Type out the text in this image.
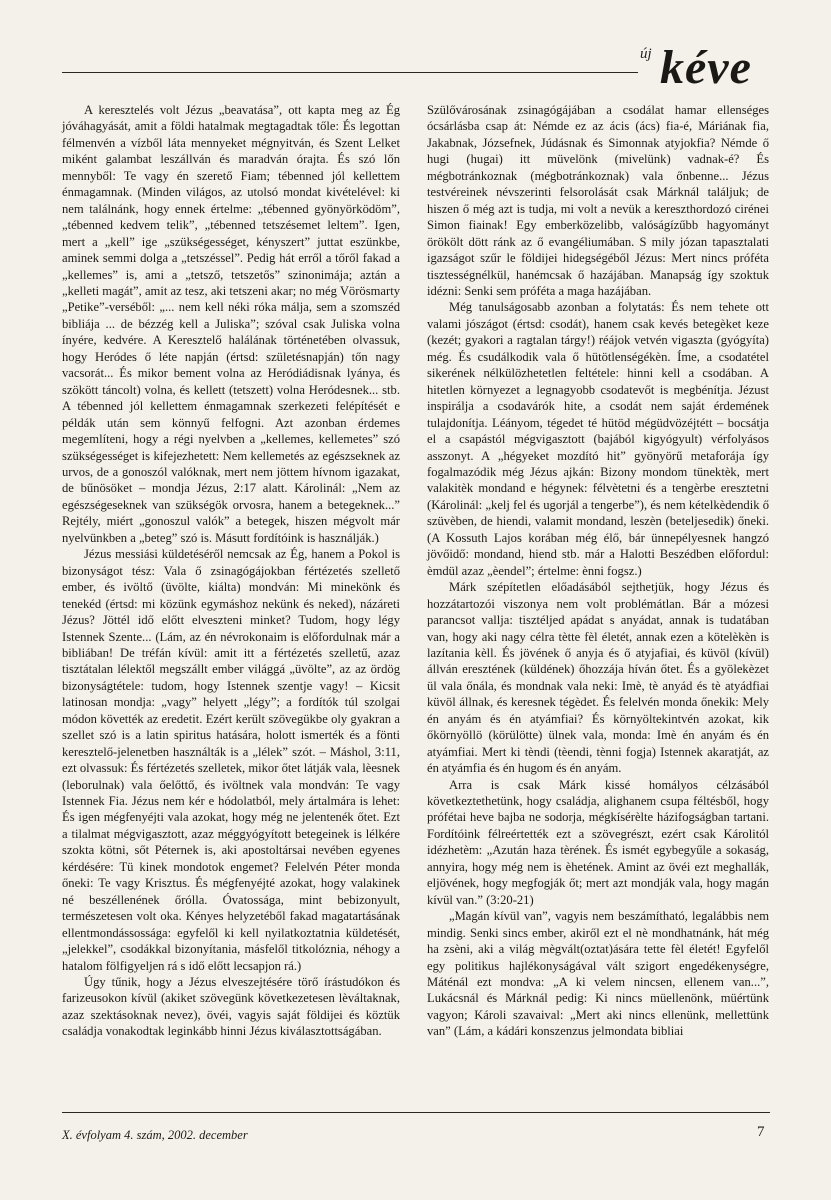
új kéve

A keresztelés volt Jézus „beavatása”, ott kapta meg az Ég jóváhagyását, amit a földi hatalmak megtagadtak tőle: És legottan félmenvén a vízből láta mennyeket mégnyitván, és Szent Lelket miként galambat leszállván és maradván órajta. És szó lőn mennyből: Te vagy én szerető Fiam; tébenned jól kellettem énmagamnak. (Minden világos, az utolsó mondat kivételével: ki nem találnánk, hogy ennek értelme: „tébenned gyönyörködöm”, „tébenned kedvem telik”, „tébenned tetszésemet leltem”. Igen, mert a „kell” ige „szükségességet, kényszert” juttat eszünkbe, aminek semmi dolga a „tetszéssel”. Pedig hát erről a tőről fakad a „kellemes” is, ami a „tetsző, tetszetős” szinonimája; aztán a „kelleti magát”, amit az tesz, aki tetszeni akar; no még Vörösmarty „Petike”-verséből: „... nem kell néki róka málja, sem a szomszéd bibliája ... de bézzég kell a Juliska”; szóval csak Juliska volna ínyére, kedvére. A Keresztelő halálának történetében olvassuk, hogy Heródes ő léte napján (értsd: születésnapján) tőn nagy vacsorát... És mikor bement volna az Heródiádisnak lyánya, és szökött táncolt) volna, és kellett (tetszett) volna Heródesnek... stb. A tébenned jól kellettem énmagamnak szerkezeti felépítését e példák után sem könnyű felfogni. Azt azonban érdemes megemlíteni, hogy a régi nyelvben a „kellemes, kellemetes” szó szükségességet is kifejezhetett: Nem kellemetés az egészseknek az urvos, de a gonoszól valóknak, mert nem jöttem hívnom igazakat, de bűnösöket – mondja Jézus, 2:17 alatt. Károlinál: „Nem az egészségeseknek van szükségök orvosra, hanem a betegeknek...” Rejtély, miért „gonoszul valók” a betegek, hiszen mégvolt már nyelvünkben a „beteg” szó is. Másutt fordítóink is használják.)

Jézus messiási küldetéséről nemcsak az Ég, hanem a Pokol is bizonyságot tész: Vala ő zsinagógájokban fértézetés szellető ember, és ivöltő (üvölte, kiálta) mondván: Mi minekönk és tenekéd (értsd: mi közünk egymáshoz nekünk és neked), názáreti Jézus? Jöttél idő előtt elveszteni minket? Tudom, hogy légy Istennek Szente... (Lám, az én névrokonaim is előfordulnak már a bibliában! De tréfán kívül: amit itt a fértézetés szelletű, azaz tisztátalan lélektől megszállt ember világgá „üvölte”, az az ördög bizonyságtétele: tudom, hogy Istennek szentje vagy! – Kicsit latinosan mondja: „vagy” helyett „légy”; a fordítók túl szolgai módon követték az eredetit. Ezért került szövegükbe oly gyakran a szellet szó is a latin spiritus hatására, holott ismerték és a fönti keresztelő-jelenetben használták is a „lélek” szót. – Máshol, 3:11, ezt olvassuk: És fértézetés szelletek, mikor őtet látják vala, lèesnek (leborulnak) vala őelőttő, és ivöltnek vala mondván: Te vagy Istennek Fia. Jézus nem kér e hódolatból, mely ártalmára is lehet: És igen mégfenyéjti vala azokat, hogy még ne jelentenék őtet. Ezt a tilalmat mégvigasztott, azaz méggyógyított betegeinek is lélkére szokta kötni, sőt Péternek is, aki apostoltársai nevében egyenes kérdésére: Tü kinek mondotok engemet? Felelvén Péter monda őneki: Te vagy Krisztus. És mégfenyéjté azokat, hogy valakinek né beszéllenének őrólla. Óvatossága, mint bebizonyult, természetesen volt oka. Kényes helyzetéből fakad magatartásának ellentmondássossága: egyfelől ki kell nyilatkoztatnia küldetését, „jelekkel”, csodákkal bizonyítania, másfelől titkolóznia, néhogy a hatalom fölfigyeljen rá s idő előtt lecsapjon rá.)

Úgy tűnik, hogy a Jézus elveszejtésére törő írástudókon és farizeusokon kívül (akiket szövegünk következetesen lèváltaknak, azaz szektásoknak nevez), övéi, vagyis saját földijei és köztük családja vonakodtak leginkább hinni Jézus kiválasztottságában.

Szülővárosának zsinagógájában a csodálat hamar ellenséges ócsárlásba csap át: Némde ez az ácis (ács) fia-é, Máriának fia, Jakabnak, Józsefnek, Júdásnak és Simonnak atyjokfia? Némde ő hugi (hugai) itt müvelönk (mivelünk) vadnak-é? És mégbotránkoznak (mégbotránkoznak) vala őnbenne... Jézus testvéreinek névszerinti felsorolását csak Márknál találjuk; de hiszen ő még azt is tudja, mi volt a nevük a kereszthordozó cirénei Simon fiainak! Egy emberközelibb, valóságízűbb hagyományt örökölt dött ránk az ő evangéliumában. S mily józan tapasztalati igazságot szűr le földijei hidegségéből Jézus: Mert nincs próféta tisztességnélkül, hanémcsak ő hazájában. Manapság így szoktuk idézni: Senki sem próféta a maga hazájában.

Még tanulságosabb azonban a folytatás: És nem tehete ott valami jószágot (értsd: csodát), hanem csak kevés betegèket keze (kezét; gyakori a ragtalan tárgy!) réájok vetvén vigaszta (gyógyíta) még. És csudálkodik vala ő hütötlenségékèn. Íme, a csodatétel sikerének nélkülözhetetlen feltétele: hinni kell a csodában. A hitetlen környezet a legnagyobb csodatevőt is megbénítja. Jézust inspirálja a csodavárók hite, a csodát nem saját érdemének tulajdonítja. Léányom, tégedet té hütöd mégüdvözéjtétt – bocsátja el a csapástól mégvigasztott (bajából kigyógyult) vérfolyásos asszonyt. A „hégyeket mozdító hit” gyönyörű metaforája így fogalmazódik még Jézus ajkán: Bizony mondom tünektèk, mert valakitèk mondand e hégynek: félvètetni és a tengèrbe eresztetni (Károlinál: „kelj fel és ugorjál a tengerbe”), és nem kételkèdendik ő szüvèben, de hiendi, valamit mondand, leszèn (beteljesedik) őneki. (A Kossuth Lajos korában még élő, bár ünnepélyesnek hangzó jövőidő: mondand, hiend stb. már a Halotti Beszédben előfordul: èmdül azaz „èendel”; értelme: ènni fogsz.)

Márk szépítetlen előadásából sejthetjük, hogy Jézus és hozzátartozói viszonya nem volt problémátlan. Bár a mózesi parancsot vallja: tisztéljed apádat s anyádat, annak is tudatában van, hogy aki nagy célra tètte fèl életét, annak ezen a kötelèkèn is lazítania kèll. És jövének ő anyja és ő atyjafiai, és küvöl (kívül) állván eresztének (küldének) őhozzája híván őtet. És a gyölekèzet ül vala őnála, és mondnak vala neki: Imè, tè anyád és tè atyádfiai küvöl állnak, és keresnek tégèdet. És felelvén monda őnekik: Mely én anyám és én atyámfiai? És környöltekintvén azokat, kik őkörnyöllö (körülötte) ülnek vala, monda: Imè én anyám és én atyámfiai. Mert ki tèndi (tèendi, tènni fogja) Istennek akaratját, az én atyámfia és én hugom és én anyám.

Arra is csak Márk kissé homályos célzásából következtethetünk, hogy családja, alighanem csupa féltésből, hogy prófétai heve bajba ne sodorja, mégkísérèlte házifogságban tartani. Fordítóink félreértették ezt a szövegrészt, ezért csak Károlitól idézhetèm: „Azután haza tèrének. És ismét egybegyűle a sokaság, annyira, hogy még nem is èhetének. Amint az övéi ezt meghallák, eljövének, hogy megfogják őt; mert azt mondják vala, hogy magán kívül van.” (3:20-21)

„Magán kívül van”, vagyis nem beszámítható, legalábbis nem mindig. Senki sincs ember, akiről ezt el nè mondhatnánk, hát még ha zsèni, aki a világ mègvált(oztat)ására tette fèl életét! Egyfelől egy politikus hajlékonyságával vált szigort engedékenységre, Máténál ezt mondva: „A ki velem nincsen, ellenem van...”, Lukácsnál és Márknál pedig: Ki nincs müellenönk, müértünk vagyon; Károli szavaival: „Mert aki nincs ellenünk, mellettünk van” (Lám, a kádári konszenzus jelmondata bibliai

X. évfolyam 4. szám, 2002. december	7
